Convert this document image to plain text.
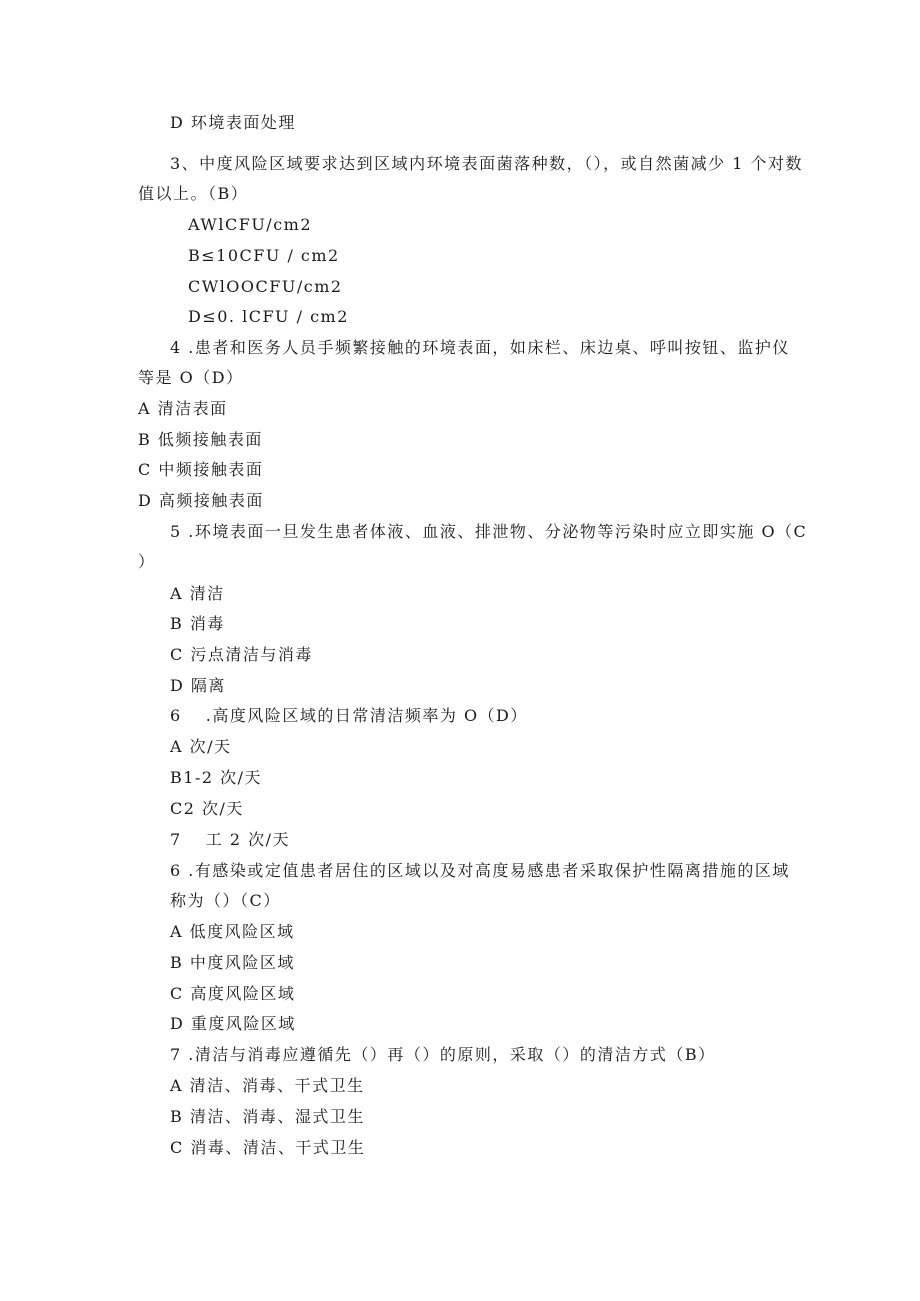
D 环境表面处理
3、中度风险区域要求达到区域内环境表面菌落种数，（），或自然菌减少 1 个对数
值以上。（B）
AWlCFU/cm2
B≤10CFU / cm2
CWlOOCFU/cm2
D≤0. lCFU / cm2
4 .患者和医务人员手频繁接触的环境表面，如床栏、床边桌、呼叫按钮、监护仪
等是 O（D）
A 清洁表面
B 低频接触表面
C 中频接触表面
D 高频接触表面
5 .环境表面一旦发生患者体液、血液、排泄物、分泌物等污染时应立即实施 O（C
）
A 清洁
B 消毒
C 污点清洁与消毒
D 隔离
6　 .高度风险区域的日常清洁频率为 O（D）
A 次/天
B1-2 次/天
C2 次/天
7　 工 2 次/天
6 .有感染或定值患者居住的区域以及对高度易感患者采取保护性隔离措施的区域
称为（）（C）
A 低度风险区域
B 中度风险区域
C 高度风险区域
D 重度风险区域
7 .清洁与消毒应遵循先（）再（）的原则，采取（）的清洁方式（B）
A 清洁、消毒、干式卫生
B 清洁、消毒、湿式卫生
C 消毒、清洁、干式卫生
